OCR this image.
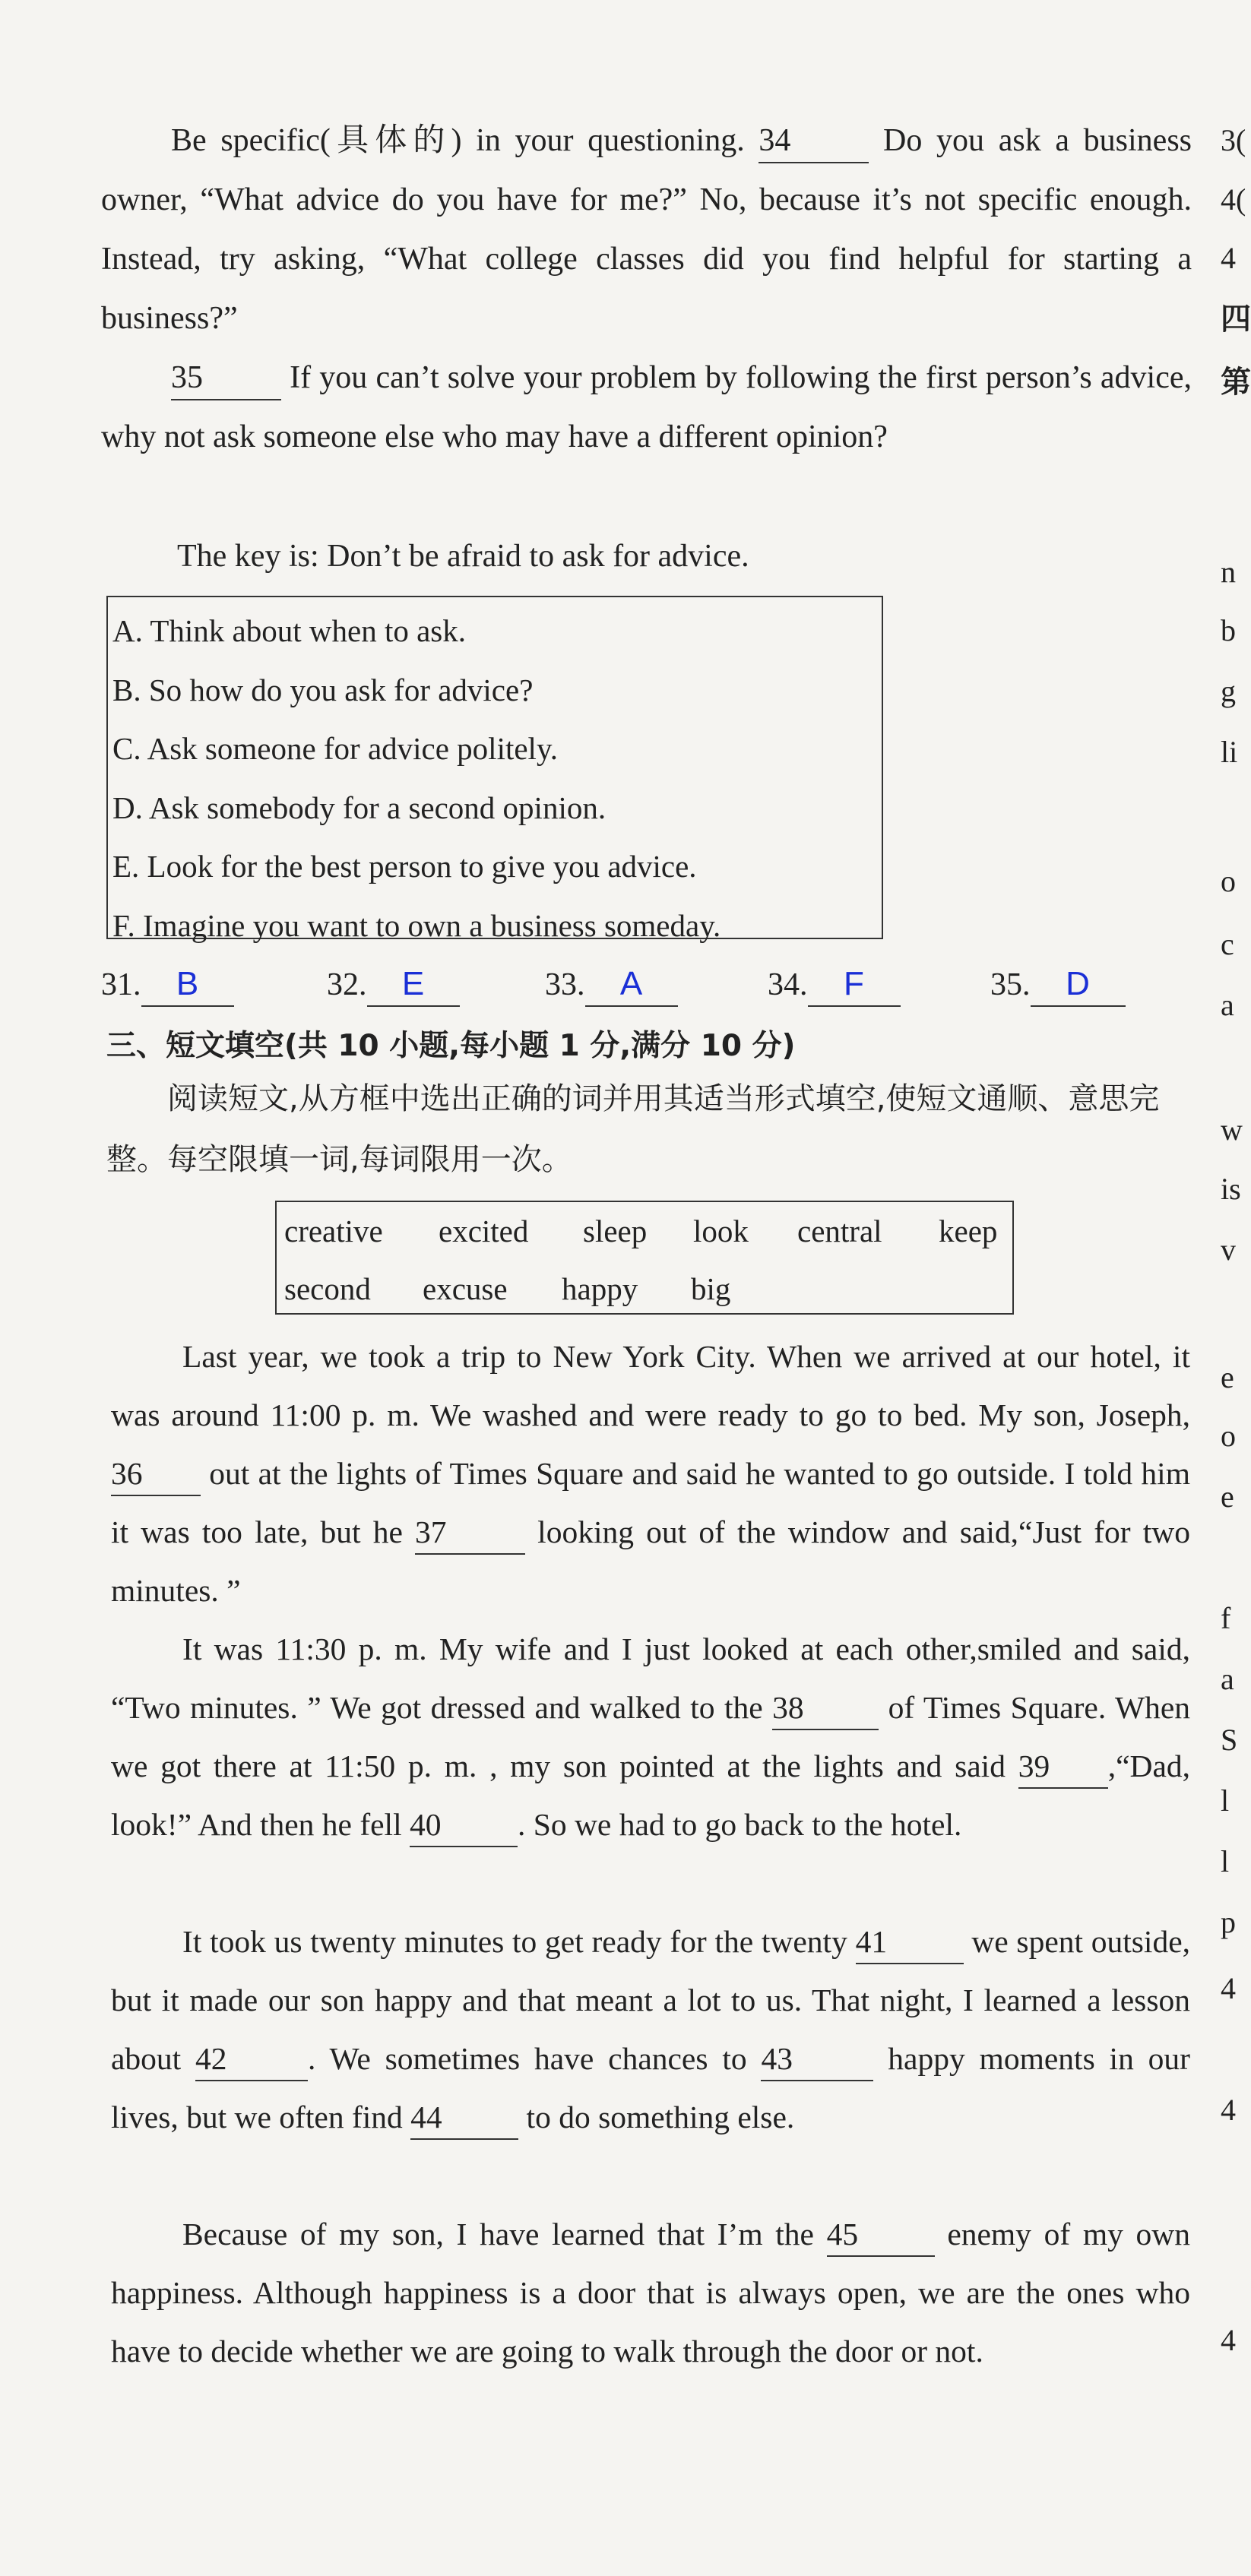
Be specific(具体的) in your questioning. 34	Do you ask a business owner, “What advice do you have for me?” No, because it’s not specific enough. Instead, try asking, “What college classes did you find helpful for starting a business?”

35	If you can’t solve your problem by following the first person’s advice, why not ask someone else who may have a different opinion?

The key is: Don’t be afraid to ask for advice.

A. Think about when to ask.
B. So how do you ask for advice?
C. Ask someone for advice politely.
D. Ask somebody for a second opinion.
E. Look for the best person to give you advice.
F. Imagine you want to own a business someday.
31. B	32. E	33. A	34. F	35. D
三、短文填空(共 10 小题,每小题 1 分,满分 10 分)

阅读短文,从方框中选出正确的词并用其适当形式填空,使短文通顺、意思完整。每空限填一词,每词限用一次。

creative excited sleep look central keep
second excuse happy big

Last year, we took a trip to New York City. When we arrived at our hotel, it was around 11:00 p. m. We washed and were ready to go to bed. My son, Joseph,36 out at the lights of Times Square and said he wanted to go outside. I told him it was too late, but he 37	looking out of the window and said,“Just for two minutes. ”

It was 11:30 p. m. My wife and I just looked at each other,smiled and said, “Two minutes. ” We got dressed and walked to the 38	of Times Square. When we got there at 11:50 p. m. , my son pointed at the lights and said 39 ,“Dad, look!” And then he fell 40 . So we had to go back to the hotel.

It took us twenty minutes to get ready for the twenty 41	we spent outside, but it made our son happy and that meant a lot to us. That night, I learned a lesson about 42	. We sometimes have chances to 43	happy moments in our lives, but we often find 44	to do something else.

Because of my son, I have learned that I’m the 45	enemy of my own happiness. Although happiness is a door that is always open, we are the ones who have to decide whether we are going to walk through the door or not.

3(
4(
4
四
第
n
b
g
li
o
c
a
w
is
v
e
o
e
f
a
S
l
l
p
4
4
4
